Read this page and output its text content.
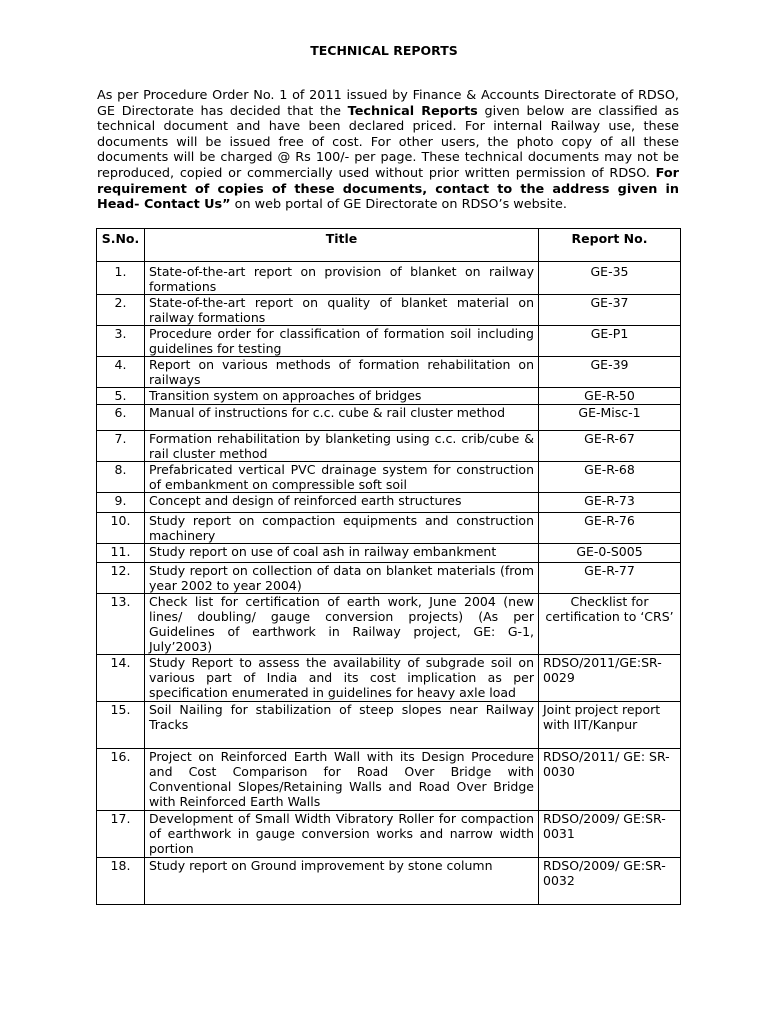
TECHNICAL REPORTS
As per Procedure Order No. 1 of 2011 issued by Finance & Accounts Directorate of RDSO, GE Directorate has decided that the Technical Reports given below are classified as technical document and have been declared priced. For internal Railway use, these documents will be issued free of cost. For other users, the photo copy of all these documents will be charged @ Rs 100/- per page. These technical documents may not be reproduced, copied or commercially used without prior written permission of RDSO. For requirement of copies of these documents, contact to the address given in Head- Contact Us” on web portal of GE Directorate on RDSO’s website.
S.No.	Title	Report No.
1.	State-of-the-art report on provision of blanket on railway formations	GE-35
2.	State-of-the-art report on quality of blanket material on railway formations	GE-37
3.	Procedure order for classification of formation soil including guidelines for testing	GE-P1
4.	Report on various methods of formation rehabilitation on railways	GE-39
5.	Transition system on approaches of bridges	GE-R-50
6.	Manual of instructions for c.c. cube & rail cluster method	GE-Misc-1
7.	Formation rehabilitation by blanketing using c.c. crib/cube & rail cluster method	GE-R-67
8.	Prefabricated vertical PVC drainage system for construction of embankment on compressible soft soil	GE-R-68
9.	Concept and design of reinforced earth structures	GE-R-73
10.	Study report on compaction equipments and construction machinery	GE-R-76
11.	Study report on use of coal ash in railway embankment	GE-0-S005
12.	Study report on collection of data on blanket materials (from year 2002 to year 2004)	GE-R-77
13.	Check list for certification of earth work, June 2004 (new lines/ doubling/ gauge conversion projects) (As per Guidelines of earthwork in Railway project, GE: G-1, July’2003)	Checklist for certification to ‘CRS’
14.	Study Report to assess the availability of subgrade soil on various part of India and its cost implication as per specification enumerated in guidelines for heavy axle load	RDSO/2011/GE:SR-0029
15.	Soil Nailing for stabilization of steep slopes near Railway Tracks	Joint project report with IIT/Kanpur
16.	Project on Reinforced Earth Wall with its Design Procedure and Cost Comparison for Road Over Bridge with Conventional Slopes/Retaining Walls and Road Over Bridge with Reinforced Earth Walls	RDSO/2011/ GE: SR-0030
17.	Development of Small Width Vibratory Roller for compaction of earthwork in gauge conversion works and narrow width portion	RDSO/2009/ GE:SR-0031
18.	Study report on Ground improvement by stone column	RDSO/2009/ GE:SR-0032
